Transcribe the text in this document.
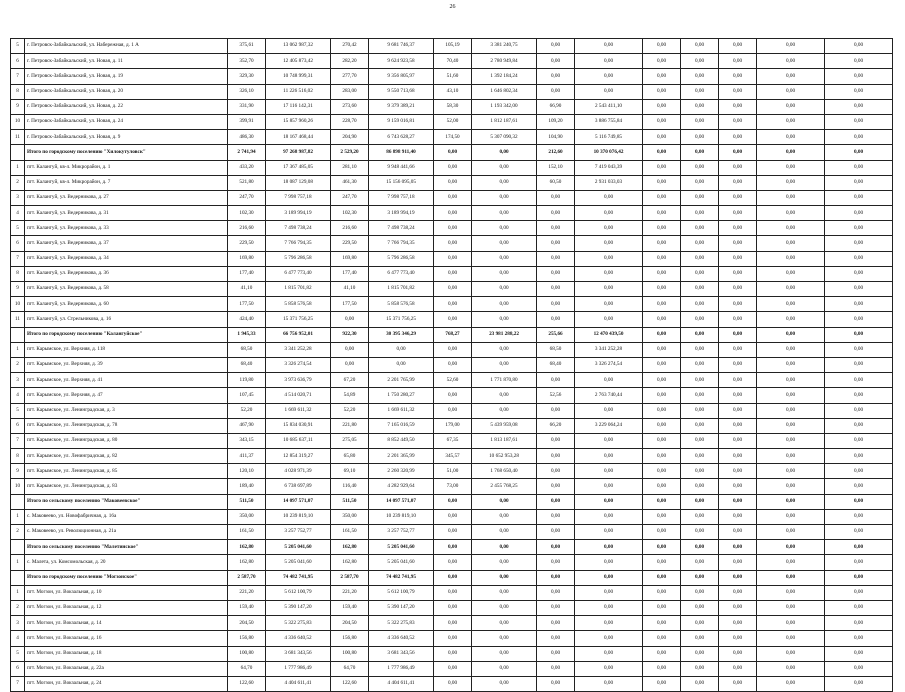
26
5	г. Петровск-Забайкальский, ул. Набережная, д. 1 А	375,61	13 062 987,32	270,42	9 681 746,37	105,19	3 381 240,75	0,00	0,00	0,00	0,00	0,00	0,00	0,00
6	г. Петровск-Забайкальский, ул. Новая, д. 11	352,70	12 405 873,42	282,20	9 624 923,58	70,40	2 780 949,84	0,00	0,00	0,00	0,00	0,00	0,00	0,00
7	г. Петровск-Забайкальский, ул. Новая, д. 19	329,30	10 748 999,31	277,70	9 356 805,97	51,60	1 392 184,24	0,00	0,00	0,00	0,00	0,00	0,00	0,00
8	г. Петровск-Забайкальский, ул. Новая, д. 20	326,10	11 226 516,02	283,00	9 550 713,68	43,10	1 646 802,34	0,00	0,00	0,00	0,00	0,00	0,00	0,00
9	г. Петровск-Забайкальский, ул. Новая, д. 22	331,90	17 116 142,31	273,60	9 379 389,21	58,30	1 193 342,00	66,90	2 543 411,10	0,00	0,00	0,00	0,00	0,00
10	г. Петровск-Забайкальский, ул. Новая, д. 24	399,91	15 857 960,26	228,70	9 159 016,81	52,00	1 812 187,61	109,20	3 886 755,84	0,00	0,00	0,00	0,00	0,00
11	г. Петровск-Забайкальский, ул. Новая, д. 9	486,30	18 167 468,44	204,90	6 743 628,27	174,50	5 307 090,32	104,90	5 116 749,85	0,00	0,00	0,00	0,00	0,00
	Итого по городскому поселению "Хилокутуловск"	2 741,94	97 268 987,82	2 529,20	86 898 911,40	0,00	0,00	212,60	10 370 076,42	0,00	0,00	0,00	0,00	0,00
1	пгт. Калангуй, кв-л. Микрорайон, д. 1	433,20	17 367 485,05	281,10	9 948 441,66	0,00	0,00	152,10	7 419 043,39	0,00	0,00	0,00	0,00	0,00
2	пгт. Калангуй, кв-л. Микрорайон, д. 7	521,80	18 087 129,08	461,30	15 156 095,05	0,00	0,00	60,50	2 931 033,03	0,00	0,00	0,00	0,00	0,00
3	пгт. Калангуй, ул. Ведерникова, д. 27	247,70	7 998 757,18	247,70	7 998 757,18	0,00	0,00	0,00	0,00	0,00	0,00	0,00	0,00	0,00
4	пгт. Калангуй, ул. Ведерникова, д. 31	102,30	3 189 994,19	102,30	3 189 994,19	0,00	0,00	0,00	0,00	0,00	0,00	0,00	0,00	0,00
5	пгт. Калангуй, ул. Ведерникова, д. 33	216,60	7 498 738,24	216,60	7 498 738,24	0,00	0,00	0,00	0,00	0,00	0,00	0,00	0,00	0,00
6	пгт. Калангуй, ул. Ведерникова, д. 37	229,50	7 766 794,35	229,50	7 766 794,35	0,00	0,00	0,00	0,00	0,00	0,00	0,00	0,00	0,00
7	пгт. Калангуй, ул. Ведерникова, д. 34	169,80	5 796 286,58	169,80	5 796 286,58	0,00	0,00	0,00	0,00	0,00	0,00	0,00	0,00	0,00
8	пгт. Калангуй, ул. Ведерникова, д. 36	177,40	6 477 773,40	177,40	6 477 773,40	0,00	0,00	0,00	0,00	0,00	0,00	0,00	0,00	0,00
9	пгт. Калангуй, ул. Ведерникова, д. 58	41,10	1 815 701,82	41,10	1 815 701,82	0,00	0,00	0,00	0,00	0,00	0,00	0,00	0,00	0,00
10	пгт. Калангуй, ул. Ведерникова, д. 60	177,50	5 858 576,58	177,50	5 858 576,58	0,00	0,00	0,00	0,00	0,00	0,00	0,00	0,00	0,00
11	пгт. Калангуй, ул. Стрельникова, д. 16	424,40	15 371 756,25	0,00	15 371 756,25	0,00	0,00	0,00	0,00	0,00	0,00	0,00	0,00	0,00
	Итого по городскому поселению "Калангуйское"	1 945,33	66 756 952,01	922,30	30 395 346,29	768,27	23 981 288,22	255,66	12 470 439,50	0,00	0,00	0,00	0,00	0,00
1	пгт. Карымское, ул. Верхняя, д. 118	68,50	3 341 252,28	0,00	0,00	0,00	0,00	68,50	3 341 252,28	0,00	0,00	0,00	0,00	0,00
2	пгт. Карымское, ул. Верхняя, д. 39	68,40	3 326 274,54	0,00	0,00	0,00	0,00	68,40	3 326 274,54	0,00	0,00	0,00	0,00	0,00
3	пгт. Карымское, ул. Верхняя, д. 41	119,80	3 973 636,79	67,20	2 201 765,99	52,60	1 771 870,80	0,00	0,00	0,00	0,00	0,00	0,00	0,00
4	пгт. Карымское, ул. Верхняя, д. 47	107,45	4 514 020,71	54,89	1 750 280,27	0,00	0,00	52,56	2 763 740,44	0,00	0,00	0,00	0,00	0,00
5	пгт. Карымское, ул. Ленинградская, д. 3	52,20	1 669 611,32	52,20	1 669 611,32	0,00	0,00	0,00	0,00	0,00	0,00	0,00	0,00	0,00
6	пгт. Карымское, ул. Ленинградская, д. 78	467,90	15 834 030,91	221,80	7 165 016,59	179,00	5 439 959,08	66,20	3 229 064,24	0,00	0,00	0,00	0,00	0,00
7	пгт. Карымское, ул. Ленинградская, д. 80	343,15	10 685 637,11	275,05	8 852 449,50	67,35	1 813 187,61	0,00	0,00	0,00	0,00	0,00	0,00	0,00
8	пгт. Карымское, ул. Ленинградская, д. 82	411,37	12 854 319,27	65,80	2 201 365,99	345,57	10 652 953,28	0,00	0,00	0,00	0,00	0,00	0,00	0,00
9	пгт. Карымское, ул. Ленинградская, д. 85	120,10	4 028 971,39	69,10	2 260 320,99	51,00	1 768 650,40	0,00	0,00	0,00	0,00	0,00	0,00	0,00
10	пгт. Карымское, ул. Ленинградская, д. 83	189,40	6 738 697,89	116,40	4 282 929,64	73,00	2 455 768,25	0,00	0,00	0,00	0,00	0,00	0,00	0,00
	Итого по сельскому поселению "Маковеевское"	511,50	14 097 571,07	511,50	14 097 571,07	0,00	0,00	0,00	0,00	0,00	0,00	0,00	0,00	0,00
1	с. Маковеево, ул. Новофабричная, д. 16а	350,00	10 239 819,10	350,00	10 239 819,10	0,00	0,00	0,00	0,00	0,00	0,00	0,00	0,00	0,00
2	с. Маковеево, ул. Революционная, д. 21а	161,50	3 257 752,77	161,50	3 257 752,77	0,00	0,00	0,00	0,00	0,00	0,00	0,00	0,00	0,00
	Итого по сельскому поселению "Малетинское"	162,80	5 205 041,60	162,80	5 205 041,60	0,00	0,00	0,00	0,00	0,00	0,00	0,00	0,00	0,00
1	с. Малета, ул. Комсомольская, д. 20	162,80	5 205 041,60	162,80	5 205 041,60	0,00	0,00	0,00	0,00	0,00	0,00	0,00	0,00	0,00
	Итого по городскому поселению "Могзонское"	2 587,70	74 482 741,95	2 587,70	74 482 741,95	0,00	0,00	0,00	0,00	0,00	0,00	0,00	0,00	0,00
1	пгт. Могзон, ул. Вокзальная, д. 10	221,20	5 612 100,79	221,20	5 612 100,79	0,00	0,00	0,00	0,00	0,00	0,00	0,00	0,00	0,00
2	пгт. Могзон, ул. Вокзальная, д. 12	159,40	5 390 147,20	159,40	5 390 147,20	0,00	0,00	0,00	0,00	0,00	0,00	0,00	0,00	0,00
3	пгт. Могзон, ул. Вокзальная, д. 14	204,50	5 322 275,83	204,50	5 322 275,83	0,00	0,00	0,00	0,00	0,00	0,00	0,00	0,00	0,00
4	пгт. Могзон, ул. Вокзальная, д. 16	156,80	4 336 640,52	156,80	4 336 640,52	0,00	0,00	0,00	0,00	0,00	0,00	0,00	0,00	0,00
5	пгт. Могзон, ул. Вокзальная, д. 18	100,80	3 681 343,56	100,80	3 681 343,56	0,00	0,00	0,00	0,00	0,00	0,00	0,00	0,00	0,00
6	пгт. Могзон, ул. Вокзальная, д. 22а	64,70	1 777 986,49	64,70	1 777 986,49	0,00	0,00	0,00	0,00	0,00	0,00	0,00	0,00	0,00
7	пгт. Могзон, ул. Вокзальная, д. 24	122,60	4 404 611,41	122,60	4 404 611,41	0,00	0,00	0,00	0,00	0,00	0,00	0,00	0,00	0,00
